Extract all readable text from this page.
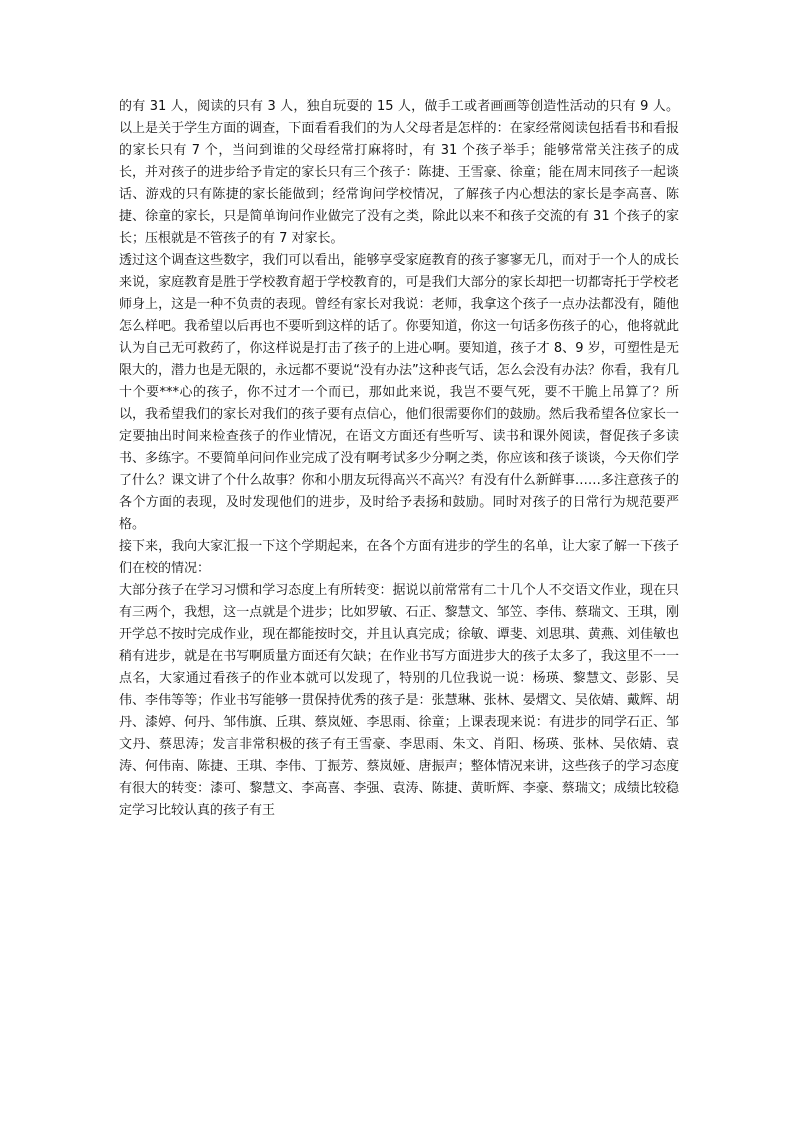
的有 31 人，阅读的只有 3 人，独自玩耍的 15 人，做手工或者画画等创造性活动的只有 9 人。以上是关于学生方面的调查，下面看看我们的为人父母者是怎样的：在家经常阅读包括看书和看报的家长只有 7 个，当问到谁的父母经常打麻将时，有 31 个孩子举手；能够常常关注孩子的成长，并对孩子的进步给予肯定的家长只有三个孩子：陈捷、王雪豪、徐童；能在周末同孩子一起谈话、游戏的只有陈捷的家长能做到；经常询问学校情况，了解孩子内心想法的家长是李高喜、陈捷、徐童的家长，只是简单询问作业做完了没有之类，除此以来不和孩子交流的有 31 个孩子的家长；压根就是不管孩子的有 7 对家长。

透过这个调查这些数字，我们可以看出，能够享受家庭教育的孩子寥寥无几，而对于一个人的成长来说，家庭教育是胜于学校教育超于学校教育的，可是我们大部分的家长却把一切都寄托于学校老师身上，这是一种不负责的表现。曾经有家长对我说：老师，我拿这个孩子一点办法都没有，随他怎么样吧。我希望以后再也不要听到这样的话了。你要知道，你这一句话多伤孩子的心，他将就此认为自己无可救药了，你这样说是打击了孩子的上进心啊。要知道，孩子才 8、9 岁，可塑性是无限大的，潜力也是无限的，永远都不要说“没有办法”这种丧气话，怎么会没有办法？你看，我有几十个要***心的孩子，你不过才一个而已，那如此来说，我岂不要气死，要不干脆上吊算了？所以，我希望我们的家长对我们的孩子要有点信心，他们很需要你们的鼓励。然后我希望各位家长一定要抽出时间来检查孩子的作业情况，在语文方面还有些听写、读书和课外阅读，督促孩子多读书、多练字。不要简单问问作业完成了没有啊考试多少分啊之类，你应该和孩子谈谈，今天你们学了什么？课文讲了个什么故事？你和小朋友玩得高兴不高兴？有没有什么新鲜事……多注意孩子的各个方面的表现，及时发现他们的进步，及时给予表扬和鼓励。同时对孩子的日常行为规范要严格。

接下来，我向大家汇报一下这个学期起来，在各个方面有进步的学生的名单，让大家了解一下孩子们在校的情况：

大部分孩子在学习习惯和学习态度上有所转变：据说以前常常有二十几个人不交语文作业，现在只有三两个，我想，这一点就是个进步；比如罗敏、石正、黎慧文、邹笠、李伟、蔡瑞文、王琪，刚开学总不按时完成作业，现在都能按时交，并且认真完成；徐敏、谭斐、刘思琪、黄燕、刘佳敏也稍有进步，就是在书写啊质量方面还有欠缺；在作业书写方面进步大的孩子太多了，我这里不一一点名，大家通过看孩子的作业本就可以发现了，特别的几位我说一说：杨瑛、黎慧文、彭影、吴伟、李伟等等；作业书写能够一贯保持优秀的孩子是：张慧琳、张林、晏熠文、吴依婧、戴辉、胡丹、漆婷、何丹、邹伟旗、丘琪、蔡岚娅、李思雨、徐童；上课表现来说：有进步的同学石正、邹文丹、蔡思涛；发言非常积极的孩子有王雪豪、李思雨、朱文、肖阳、杨瑛、张林、吴依婧、袁涛、何伟南、陈捷、王琪、李伟、丁振芳、蔡岚娅、唐振声；整体情况来讲，这些孩子的学习态度有很大的转变：漆可、黎慧文、李高喜、李强、袁涛、陈捷、黄昕辉、李豪、蔡瑞文；成绩比较稳定学习比较认真的孩子有王
